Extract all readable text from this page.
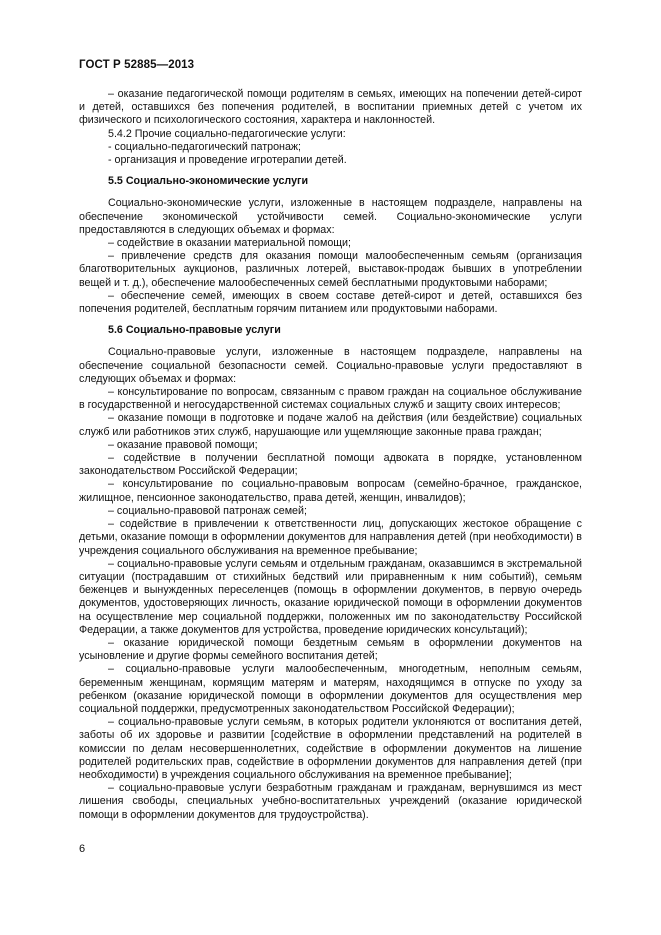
ГОСТ Р 52885—2013

– оказание педагогической помощи родителям в семьях, имеющих на попечении детей-сирот и детей, оставшихся без попечения родителей, в воспитании приемных детей с учетом их физического и психологического состояния, характера и наклонностей.

5.4.2 Прочие социально-педагогические услуги:

- социально-педагогический патронаж;

- организация и проведение игротерапии детей.

5.5 Социально-экономические услуги

Социально-экономические услуги, изложенные в настоящем подразделе, направлены на обеспечение экономической устойчивости семей. Социально-экономические услуги предоставляются в следующих объемах и формах:

– содействие в оказании материальной помощи;

– привлечение средств для оказания помощи малообеспеченным семьям (организация благотворительных аукционов, различных лотерей, выставок-продаж бывших в употреблении вещей и т. д.), обеспечение малообеспеченных семей бесплатными продуктовыми наборами;

– обеспечение семей, имеющих в своем составе детей-сирот и детей, оставшихся без попечения родителей, бесплатным горячим питанием или продуктовыми наборами.

5.6 Социально-правовые услуги

Социально-правовые услуги, изложенные в настоящем подразделе, направлены на обеспечение социальной безопасности семей. Социально-правовые услуги предоставляют в следующих объемах и формах:

– консультирование по вопросам, связанным с правом граждан на социальное обслуживание в государственной и негосударственной системах социальных служб и защиту своих интересов;

– оказание помощи в подготовке и подаче жалоб на действия (или бездействие) социальных служб или работников этих служб, нарушающие или ущемляющие законные права граждан;

– оказание правовой помощи;

– содействие в получении бесплатной помощи адвоката в порядке, установленном законодательством Российской Федерации;

– консультирование по социально-правовым вопросам (семейно-брачное, гражданское, жилищное, пенсионное законодательство, права детей, женщин, инвалидов);

– социально-правовой патронаж семей;

– содействие в привлечении к ответственности лиц, допускающих жестокое обращение с детьми, оказание помощи в оформлении документов для направления детей (при необходимости) в учреждения социального обслуживания на временное пребывание;

– социально-правовые услуги семьям и отдельным гражданам, оказавшимся в экстремальной ситуации (пострадавшим от стихийных бедствий или приравненным к ним событий), семьям беженцев и вынужденных переселенцев (помощь в оформлении документов, в первую очередь документов, удостоверяющих личность, оказание юридической помощи в оформлении документов на осуществление мер социальной поддержки, положенных им по законодательству Российской Федерации, а также документов для устройства, проведение юридических консультаций);

– оказание юридической помощи бездетным семьям в оформлении документов на усыновление и другие формы семейного воспитания детей;

– социально-правовые услуги малообеспеченным, многодетным, неполным семьям, беременным женщинам, кормящим матерям и матерям, находящимся в отпуске по уходу за ребенком (оказание юридической помощи в оформлении документов для осуществления мер социальной поддержки, предусмотренных законодательством Российской Федерации);

– социально-правовые услуги семьям, в которых родители уклоняются от воспитания детей, заботы об их здоровье и развитии [содействие в оформлении представлений на родителей в комиссии по делам несовершеннолетних, содействие в оформлении документов на лишение родителей родительских прав, содействие в оформлении документов для направления детей (при необходимости) в учреждения социального обслуживания на временное пребывание];

– социально-правовые услуги безработным гражданам и гражданам, вернувшимся из мест лишения свободы, специальных учебно-воспитательных учреждений (оказание юридической помощи в оформлении документов для трудоустройства).

6
